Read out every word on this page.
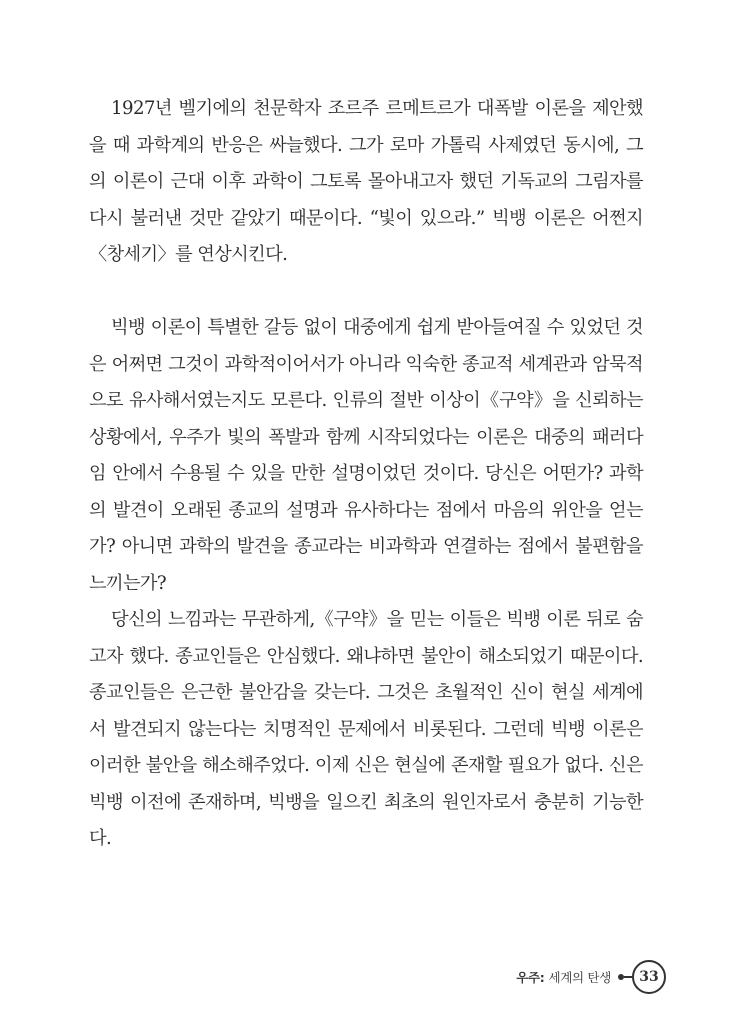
1927년 벨기에의 천문학자 조르주 르메트르가 대폭발 이론을 제안했을 때 과학계의 반응은 싸늘했다. 그가 로마 가톨릭 사제였던 동시에, 그의 이론이 근대 이후 과학이 그토록 몰아내고자 했던 기독교의 그림자를 다시 불러낸 것만 같았기 때문이다. “빛이 있으라.” 빅뱅 이론은 어쩐지 〈창세기〉를 연상시킨다.

빅뱅 이론이 특별한 갈등 없이 대중에게 쉽게 받아들여질 수 있었던 것은 어쩌면 그것이 과학적이어서가 아니라 익숙한 종교적 세계관과 암묵적으로 유사해서였는지도 모른다. 인류의 절반 이상이《구약》을 신뢰하는 상황에서, 우주가 빛의 폭발과 함께 시작되었다는 이론은 대중의 패러다임 안에서 수용될 수 있을 만한 설명이었던 것이다. 당신은 어떤가? 과학의 발견이 오래된 종교의 설명과 유사하다는 점에서 마음의 위안을 얻는가? 아니면 과학의 발견을 종교라는 비과학과 연결하는 점에서 불편함을 느끼는가?

당신의 느낌과는 무관하게,《구약》을 믿는 이들은 빅뱅 이론 뒤로 숨고자 했다. 종교인들은 안심했다. 왜냐하면 불안이 해소되었기 때문이다. 종교인들은 은근한 불안감을 갖는다. 그것은 초월적인 신이 현실 세계에서 발견되지 않는다는 치명적인 문제에서 비롯된다. 그런데 빅뱅 이론은 이러한 불안을 해소해주었다. 이제 신은 현실에 존재할 필요가 없다. 신은 빅뱅 이전에 존재하며, 빅뱅을 일으킨 최초의 원인자로서 충분히 기능한다.

우주: 세계의 탄생 33
